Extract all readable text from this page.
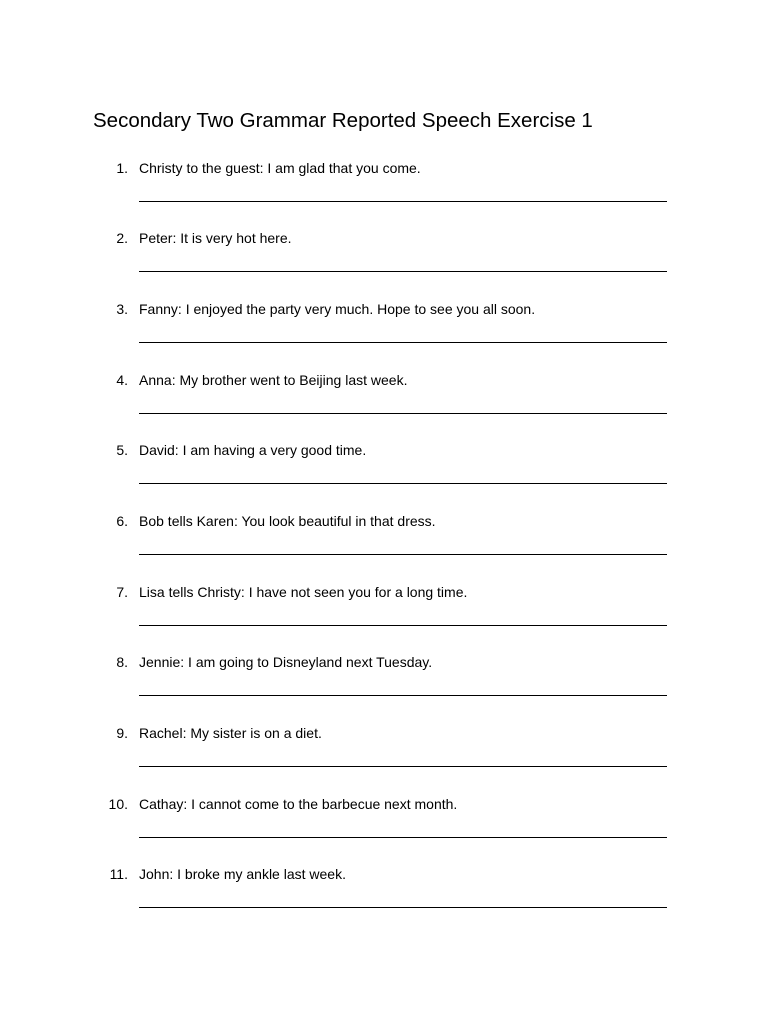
Secondary Two Grammar Reported Speech Exercise 1
1. Christy to the guest: I am glad that you come.
2. Peter: It is very hot here.
3. Fanny: I enjoyed the party very much. Hope to see you all soon.
4. Anna: My brother went to Beijing last week.
5. David: I am having a very good time.
6. Bob tells Karen: You look beautiful in that dress.
7. Lisa tells Christy: I have not seen you for a long time.
8. Jennie: I am going to Disneyland next Tuesday.
9. Rachel: My sister is on a diet.
10. Cathay: I cannot come to the barbecue next month.
11. John: I broke my ankle last week.
